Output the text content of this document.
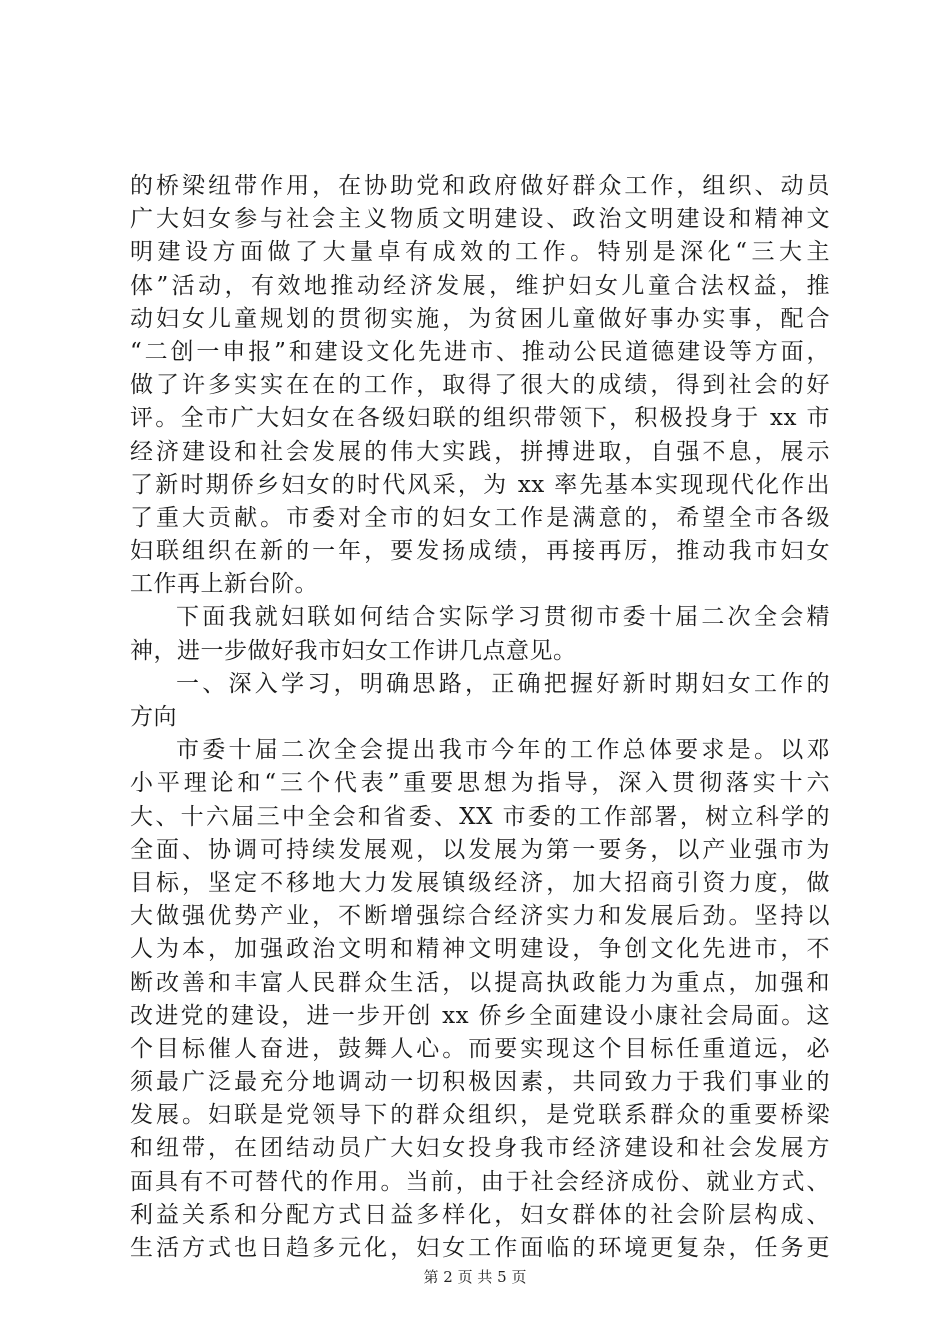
的桥梁纽带作用，在协助党和政府做好群众工作，组织、动员
广大妇女参与社会主义物质文明建设、政治文明建设和精神文
明建设方面做了大量卓有成效的工作。特别是深化“三大主
体”活动，有效地推动经济发展，维护妇女儿童合法权益，推
动妇女儿童规划的贯彻实施，为贫困儿童做好事办实事，配合
“二创一申报”和建设文化先进市、推动公民道德建设等方面，
做了许多实实在在的工作，取得了很大的成绩，得到社会的好
评。全市广大妇女在各级妇联的组织带领下，积极投身于 xx 市
经济建设和社会发展的伟大实践，拼搏进取，自强不息，展示
了新时期侨乡妇女的时代风采，为 xx 率先基本实现现代化作出
了重大贡献。市委对全市的妇女工作是满意的，希望全市各级
妇联组织在新的一年，要发扬成绩，再接再厉，推动我市妇女
工作再上新台阶。
下面我就妇联如何结合实际学习贯彻市委十届二次全会精
神，进一步做好我市妇女工作讲几点意见。
一、深入学习，明确思路，正确把握好新时期妇女工作的
方向
市委十届二次全会提出我市今年的工作总体要求是。以邓
小平理论和“三个代表”重要思想为指导，深入贯彻落实十六
大、十六届三中全会和省委、XX 市委的工作部署，树立科学的
全面、协调可持续发展观，以发展为第一要务，以产业强市为
目标，坚定不移地大力发展镇级经济，加大招商引资力度，做
大做强优势产业，不断增强综合经济实力和发展后劲。坚持以
人为本，加强政治文明和精神文明建设，争创文化先进市，不
断改善和丰富人民群众生活，以提高执政能力为重点，加强和
改进党的建设，进一步开创 xx 侨乡全面建设小康社会局面。这
个目标催人奋进，鼓舞人心。而要实现这个目标任重道远，必
须最广泛最充分地调动一切积极因素，共同致力于我们事业的
发展。妇联是党领导下的群众组织，是党联系群众的重要桥梁
和纽带，在团结动员广大妇女投身我市经济建设和社会发展方
面具有不可替代的作用。当前，由于社会经济成份、就业方式、
利益关系和分配方式日益多样化，妇女群体的社会阶层构成、
生活方式也日趋多元化，妇女工作面临的环境更复杂，任务更
第 2 页 共 5 页
